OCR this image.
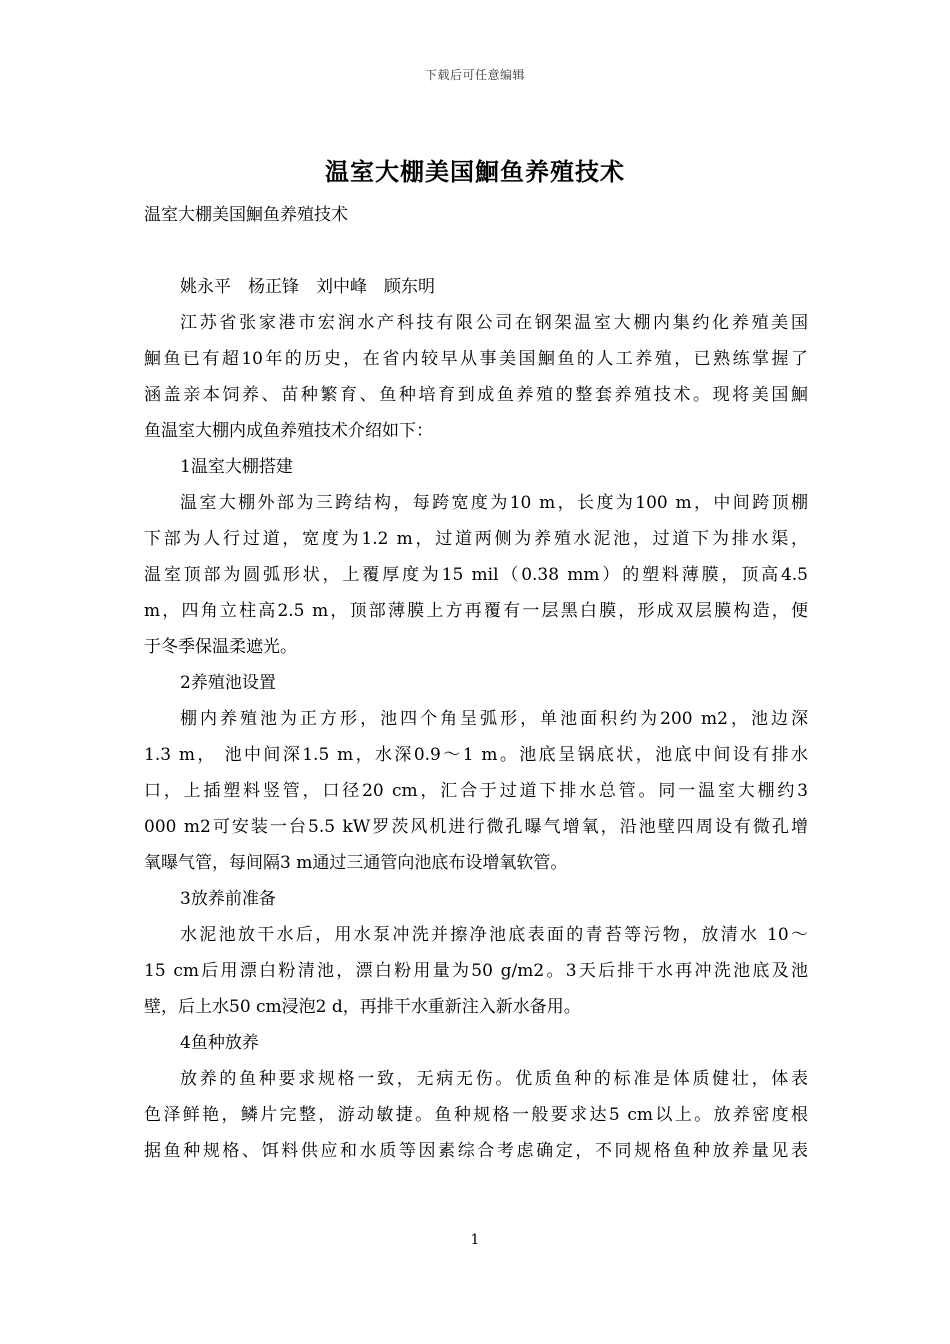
下载后可任意编辑
温室大棚美国鮰鱼养殖技术
温室大棚美国鮰鱼养殖技术
姚永平　杨正锋　刘中峰　顾东明
江苏省张家港市宏润水产科技有限公司在钢架温室大棚内集约化养殖美国
鮰鱼已有超10年的历史，在省内较早从事美国鮰鱼的人工养殖，已熟练掌握了
涵盖亲本饲养、苗种繁育、鱼种培育到成鱼养殖的整套养殖技术。现将美国鮰
鱼温室大棚内成鱼养殖技术介绍如下：
1温室大棚搭建
温室大棚外部为三跨结构，每跨宽度为10 m，长度为100 m，中间跨顶棚
下部为人行过道，宽度为1.2 m，过道两侧为养殖水泥池，过道下为排水渠，
温室顶部为圆弧形状，上覆厚度为15 mil（0.38 mm）的塑料薄膜，顶高4.5
m，四角立柱高2.5 m，顶部薄膜上方再覆有一层黑白膜，形成双层膜构造，便
于冬季保温柔遮光。
2养殖池设置
棚内养殖池为正方形，池四个角呈弧形，单池面积约为200 m2，池边深
1.3 m， 池中间深1.5 m，水深0.9～1 m。池底呈锅底状，池底中间设有排水
口，上插塑料竖管，口径20 cm，汇合于过道下排水总管。同一温室大棚约3
000 m2可安装一台5.5 kW罗茨风机进行微孔曝气增氧，沿池壁四周设有微孔增
氧曝气管，每间隔3 m通过三通管向池底布设增氧软管。
3放养前准备
水泥池放干水后，用水泵冲洗并擦净池底表面的青苔等污物，放清水 10～
15 cm后用漂白粉清池，漂白粉用量为50 g/m2。3天后排干水再冲洗池底及池
壁，后上水50 cm浸泡2 d，再排干水重新注入新水备用。
4鱼种放养
放养的鱼种要求规格一致，无病无伤。优质鱼种的标准是体质健壮，体表
色泽鲜艳，鳞片完整，游动敏捷。鱼种规格一般要求达5 cm以上。放养密度根
据鱼种规格、饵料供应和水质等因素综合考虑确定，不同规格鱼种放养量见表
1
